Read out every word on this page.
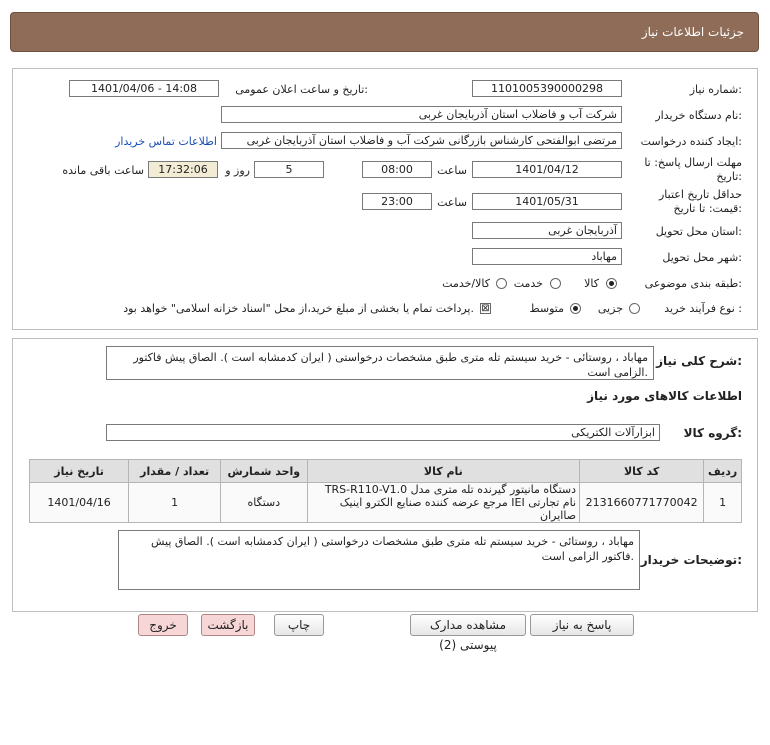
جزئیات اطلاعات نیاز
شماره نیاز:
1101005390000298
تاریخ و ساعت اعلان عمومی:
1401/04/06 - 14:08
نام دستگاه خریدار:
شرکت آب و فاضلاب استان آذربایجان غربی
ایجاد کننده درخواست:
مرتضی ابوالفتحی کارشناس بازرگانی شرکت آب و فاضلاب استان آذربایجان غربی
اطلاعات تماس خریدار
مهلت ارسال پاسخ: تا
تاریخ:
1401/04/12
ساعت
08:00
5
روز و
17:32:06
ساعت باقی مانده
حداقل تاریخ اعتبار
قیمت: تا تاریخ:
1401/05/31
ساعت
23:00
استان محل تحویل:
آذربایجان غربی
شهر محل تحویل:
مهاباد
طبقه بندی موضوعی:
کالا
خدمت
کالا/خدمت
نوع فرآیند خرید :
جزیی
متوسط
⊠
پرداخت تمام یا بخشی از مبلغ خرید،از محل "اسناد خزانه اسلامی" خواهد بود.
شرح کلی نیاز:
مهاباد ، روستائی - خرید سیستم تله متری طبق مشخصات درخواستی ( ایران کدمشابه است ). الصاق پیش فاکتور الزامی است.
اطلاعات کالاهای مورد نیاز
گروه کالا:
ابزارآلات الکتریکی
ردیف	کد کالا	نام کالا	واحد شمارش	تعداد / مقدار	تاریخ نیاز
1	2131660771770042	دستگاه مانیتور گیرنده تله متری مدل TRS-R110-V1.0 نام تجارتی IEI مرجع عرضه کننده صنایع الکترو اینیک صاایران	دستگاه	1	1401/04/16
توضیحات خریدار:
مهاباد ، روستائی - خرید سیستم تله متری طبق مشخصات درخواستی ( ایران کدمشابه است ). الصاق پیش فاکتور الزامی است.
پاسخ به نیاز
مشاهده مدارک پیوستی (2)
چاپ
بازگشت
خروج
